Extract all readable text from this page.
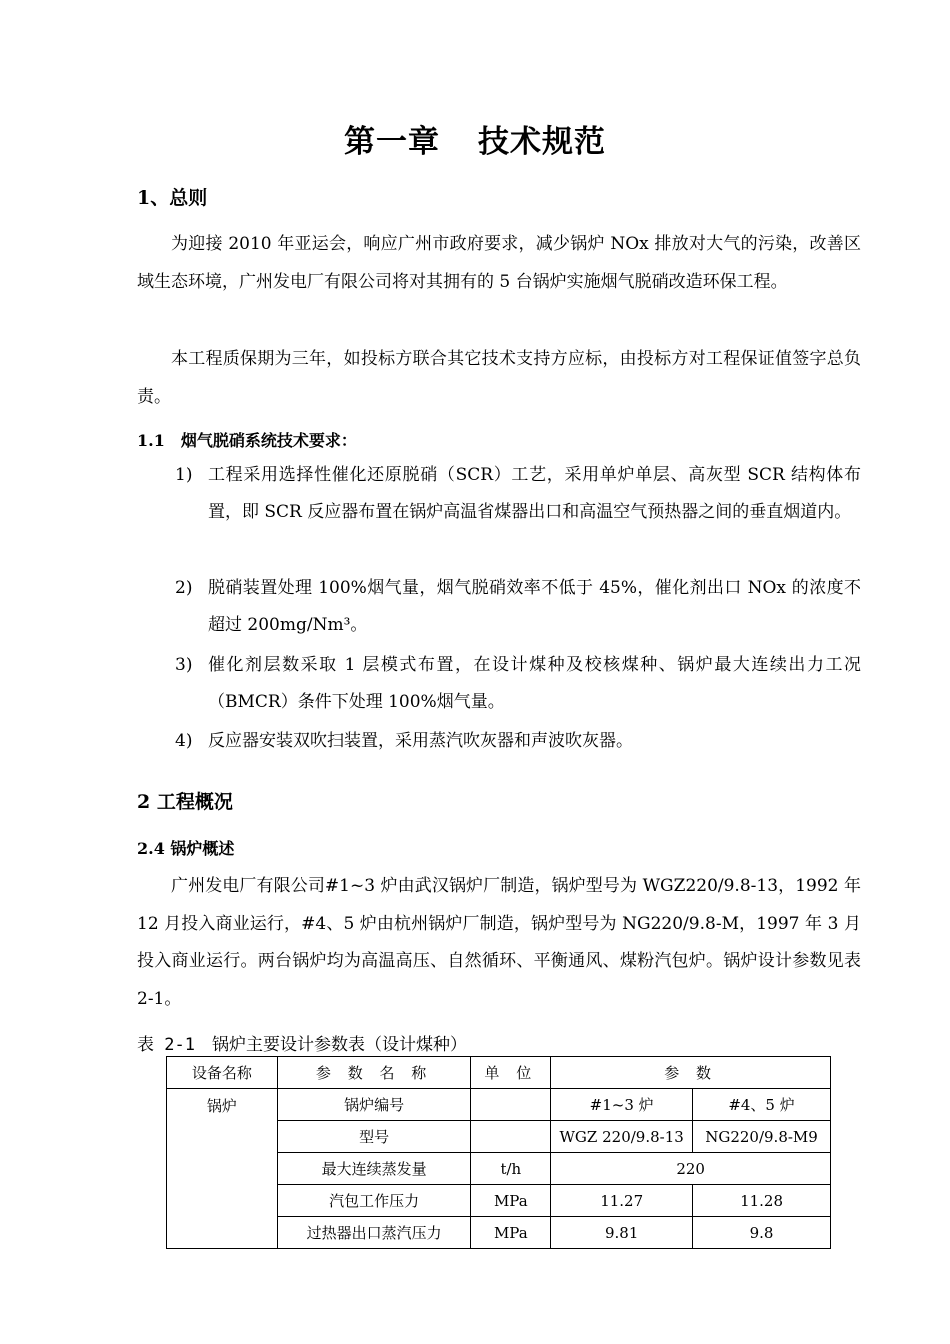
第一章 技术规范
1、总则
为迎接 2010 年亚运会，响应广州市政府要求，减少锅炉 NOx 排放对大气的污染，改善区域生态环境，广州发电厂有限公司将对其拥有的 5 台锅炉实施烟气脱硝改造环保工程。
本工程质保期为三年，如投标方联合其它技术支持方应标，由投标方对工程保证值签字总负责。
1.1　烟气脱硝系统技术要求：
1) 工程采用选择性催化还原脱硝（SCR）工艺，采用单炉单层、高灰型 SCR 结构体布置，即 SCR 反应器布置在锅炉高温省煤器出口和高温空气预热器之间的垂直烟道内。
2) 脱硝装置处理 100%烟气量，烟气脱硝效率不低于 45%，催化剂出口 NOx 的浓度不超过 200mg/Nm³。
3) 催化剂层数采取 1 层模式布置，在设计煤种及校核煤种、锅炉最大连续出力工况（BMCR）条件下处理 100%烟气量。
4) 反应器安装双吹扫装置，采用蒸汽吹灰器和声波吹灰器。
2 工程概况
2.4 锅炉概述
广州发电厂有限公司#1~3 炉由武汉锅炉厂制造，锅炉型号为 WGZ220/9.8-13，1992 年 12 月投入商业运行，#4、5 炉由杭州锅炉厂制造，锅炉型号为 NG220/9.8-M，1997 年 3 月投入商业运行。两台锅炉均为高温高压、自然循环、平衡通风、煤粉汽包炉。锅炉设计参数见表 2-1。
表 2-1　锅炉主要设计参数表（设计煤种）
设备名称	参 数 名 称	单 位	参 数	
锅炉	锅炉编号		#1~3 炉	#4、5 炉
	型号		WGZ 220/9.8-13	NG220/9.8-M9
	最大连续蒸发量	t/h	220	
	汽包工作压力	MPa	11.27	11.28
	过热器出口蒸汽压力	MPa	9.81	9.8
